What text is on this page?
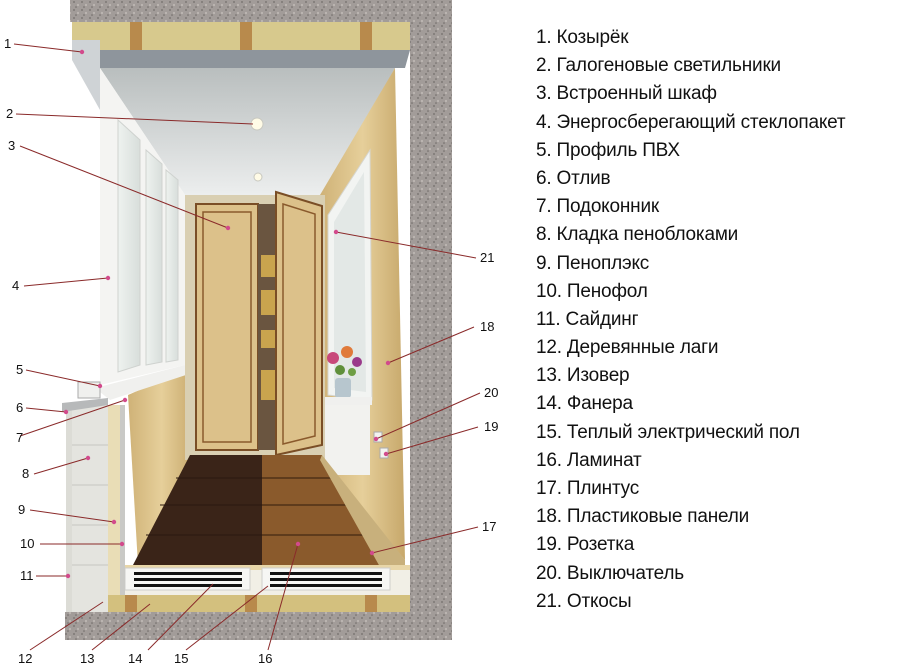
1
2
3
4
5
6
7
8
9
10
11
12	13	14 15	16
17
18
20
19
21
1. Козырёк
2. Галогеновые светильники
3. Встроенный шкаф
4. Энергосберегающий стеклопакет
5. Профиль ПВХ
6. Отлив
7. Подоконник
8. Кладка пеноблоками
9. Пеноплэкс
10. Пенофол
11. Сайдинг
12. Деревянные лаги
13. Изовер
14. Фанера
15. Теплый электрический пол
16. Ламинат
17. Плинтус
18. Пластиковые панели
19. Розетка
20. Выключатель
21. Откосы
